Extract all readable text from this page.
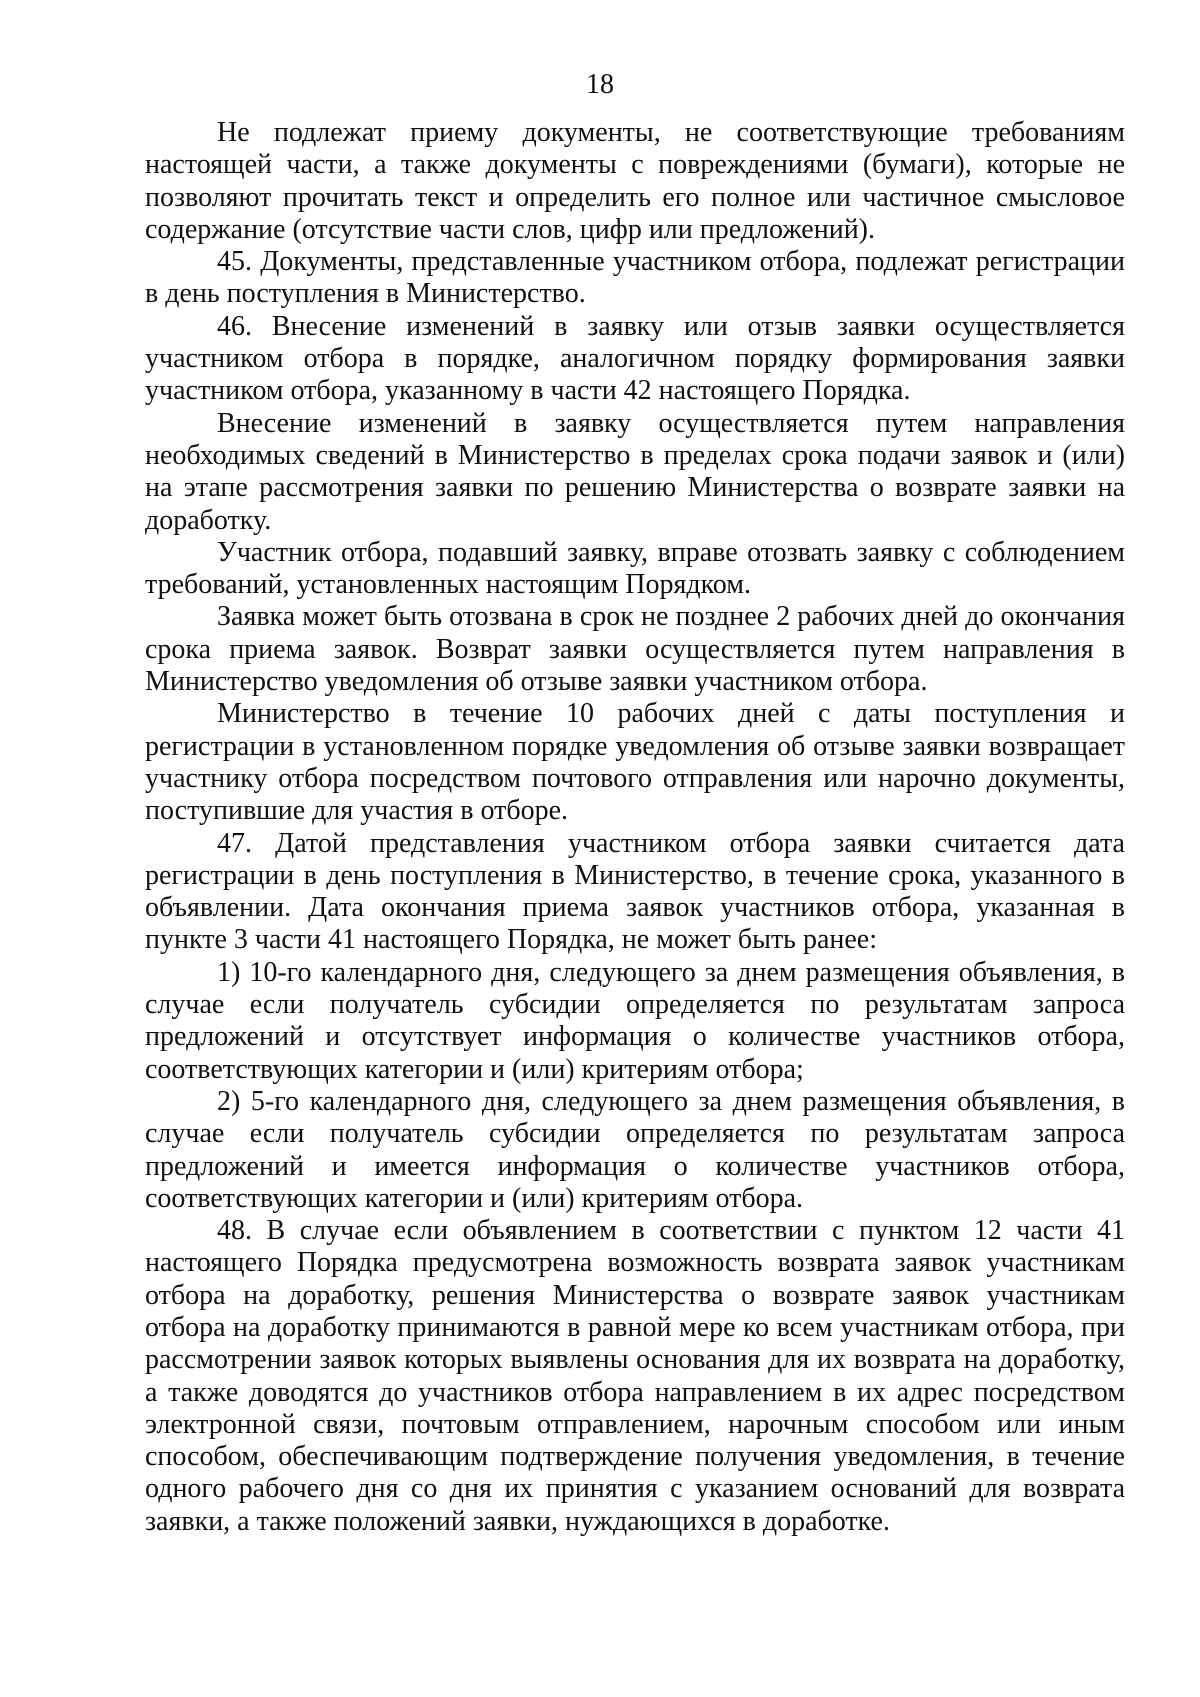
18

Не подлежат приему документы, не соответствующие требованиям настоящей части, а также документы с повреждениями (бумаги), которые не позволяют прочитать текст и определить его полное или частичное смысловое содержание (отсутствие части слов, цифр или предложений).

45. Документы, представленные участником отбора, подлежат регистрации в день поступления в Министерство.

46. Внесение изменений в заявку или отзыв заявки осуществляется участником отбора в порядке, аналогичном порядку формирования заявки участником отбора, указанному в части 42 настоящего Порядка.

Внесение изменений в заявку осуществляется путем направления необходимых сведений в Министерство в пределах срока подачи заявок и (или) на этапе рассмотрения заявки по решению Министерства о возврате заявки на доработку.

Участник отбора, подавший заявку, вправе отозвать заявку с соблюдением требований, установленных настоящим Порядком.

Заявка может быть отозвана в срок не позднее 2 рабочих дней до окончания срока приема заявок. Возврат заявки осуществляется путем направления в Министерство уведомления об отзыве заявки участником отбора.

Министерство в течение 10 рабочих дней с даты поступления и регистрации в установленном порядке уведомления об отзыве заявки возвращает участнику отбора посредством почтового отправления или нарочно документы, поступившие для участия в отборе.

47. Датой представления участником отбора заявки считается дата регистрации в день поступления в Министерство, в течение срока, указанного в объявлении. Дата окончания приема заявок участников отбора, указанная в пункте 3 части 41 настоящего Порядка, не может быть ранее:

1) 10-го календарного дня, следующего за днем размещения объявления, в случае если получатель субсидии определяется по результатам запроса предложений и отсутствует информация о количестве участников отбора, соответствующих категории и (или) критериям отбора;

2) 5-го календарного дня, следующего за днем размещения объявления, в случае если получатель субсидии определяется по результатам запроса предложений и имеется информация о количестве участников отбора, соответствующих категории и (или) критериям отбора.

48. В случае если объявлением в соответствии с пунктом 12 части 41 настоящего Порядка предусмотрена возможность возврата заявок участникам отбора на доработку, решения Министерства о возврате заявок участникам отбора на доработку принимаются в равной мере ко всем участникам отбора, при рассмотрении заявок которых выявлены основания для их возврата на доработку, а также доводятся до участников отбора направлением в их адрес посредством электронной связи, почтовым отправлением, нарочным способом или иным способом, обеспечивающим подтверждение получения уведомления, в течение одного рабочего дня со дня их принятия с указанием оснований для возврата заявки, а также положений заявки, нуждающихся в доработке.
